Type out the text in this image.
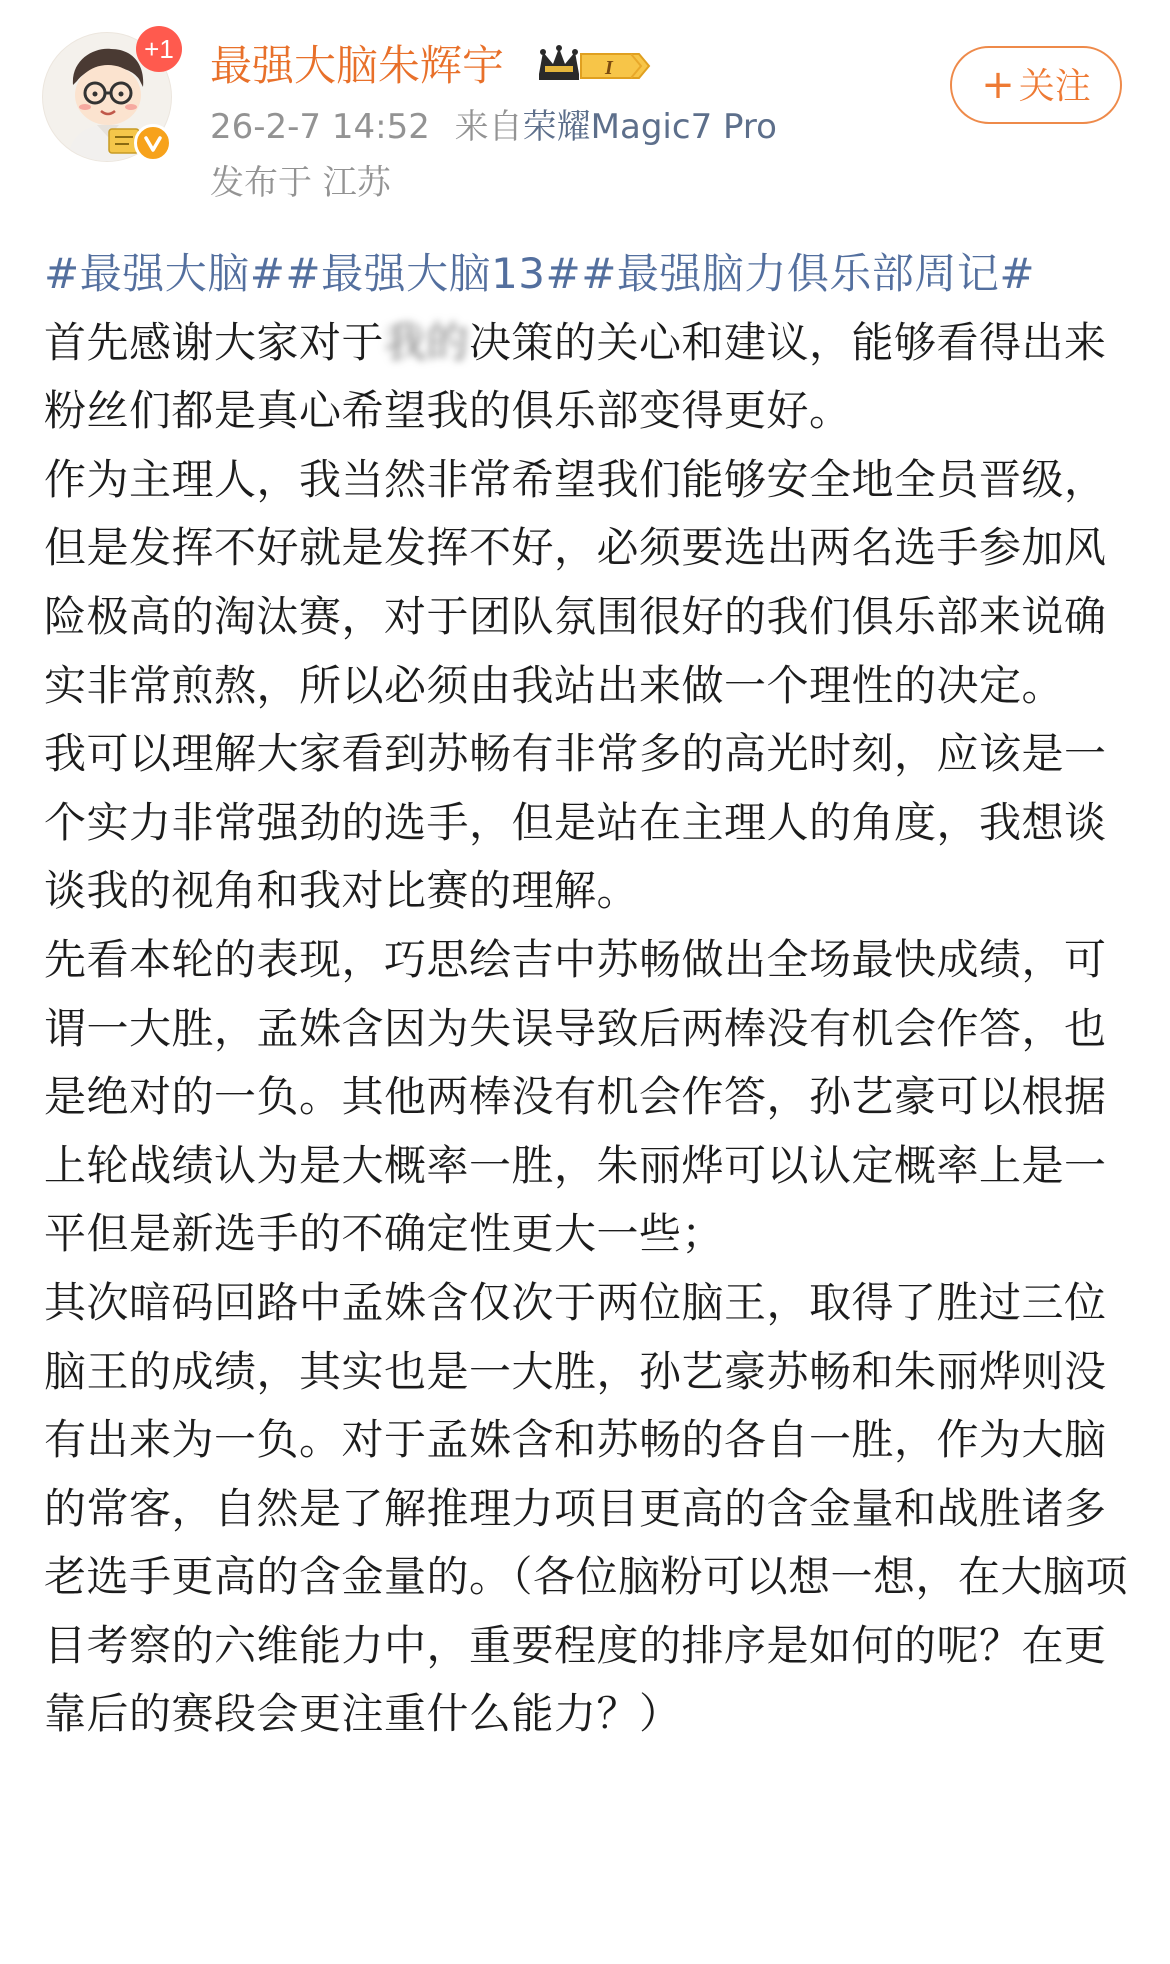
+1 最强大脑朱辉宇	I
26-2-7 14:52 来自荣耀Magic7 Pro
发布于 江苏
+ 关注

#最强大脑##最强大脑13##最强脑力俱乐部周记#

首先感谢大家对于我的决策的关心和建议，能够看得出来粉丝们都是真心希望我的俱乐部变得更好。

作为主理人，我当然非常希望我们能够安全地全员晋级，但是发挥不好就是发挥不好，必须要选出两名选手参加风险极高的淘汰赛，对于团队氛围很好的我们俱乐部来说确实非常煎熬，所以必须由我站出来做一个理性的决定。

我可以理解大家看到苏畅有非常多的高光时刻，应该是一个实力非常强劲的选手，但是站在主理人的角度，我想谈谈我的视角和我对比赛的理解。

先看本轮的表现，巧思绘吉中苏畅做出全场最快成绩，可谓一大胜，孟姝含因为失误导致后两棒没有机会作答，也是绝对的一负。其他两棒没有机会作答，孙艺豪可以根据上轮战绩认为是大概率一胜，朱丽烨可以认定概率上是一平但是新选手的不确定性更大一些；

其次暗码回路中孟姝含仅次于两位脑王，取得了胜过三位脑王的成绩，其实也是一大胜，孙艺豪苏畅和朱丽烨则没有出来为一负。对于孟姝含和苏畅的各自一胜，作为大脑的常客，自然是了解推理力项目更高的含金量和战胜诸多老选手更高的含金量的。（各位脑粉可以想一想，在大脑项目考察的六维能力中，重要程度的排序是如何的呢？在更靠后的赛段会更注重什么能力？）
